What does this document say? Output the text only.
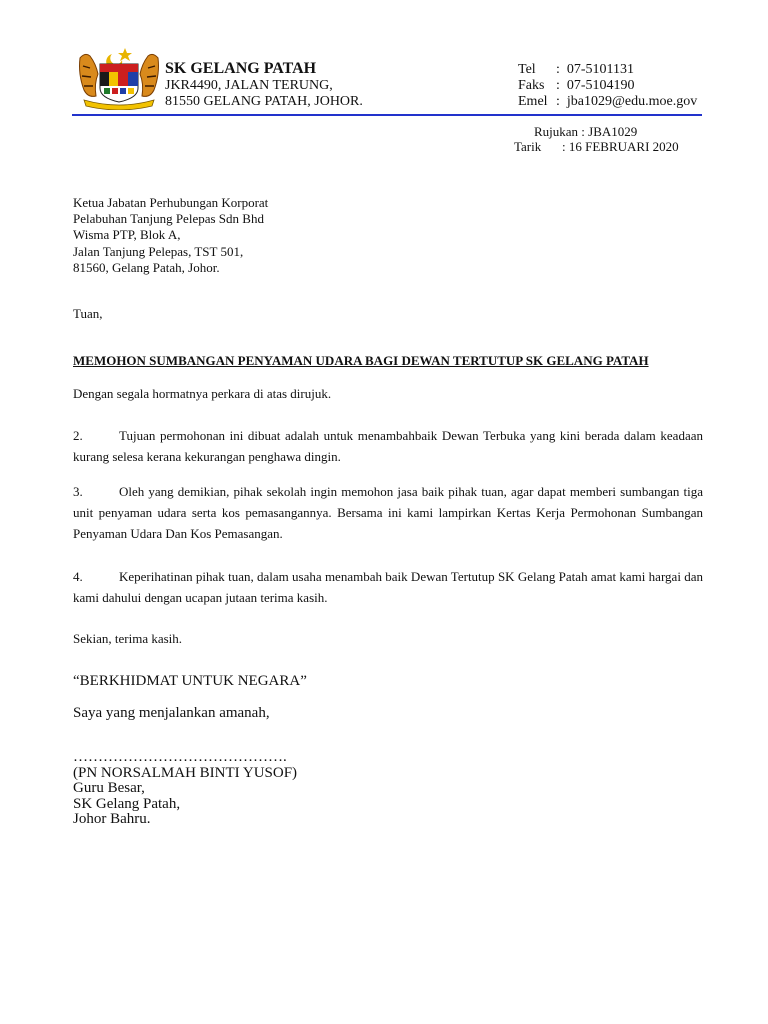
SK GELANG PATAH
JKR4490, JALAN TERUNG,
81550 GELANG PATAH, JOHOR.
Tel : 07-5101131
Faks : 07-5104190
Emel : jba1029@edu.moe.gov
Rujukan : JBA1029
Tarik : 16 FEBRUARI 2020
Ketua Jabatan Perhubungan Korporat
Pelabuhan Tanjung Pelepas Sdn Bhd
Wisma PTP, Blok A,
Jalan Tanjung Pelepas, TST 501,
81560, Gelang Patah, Johor.
Tuan,
MEMOHON SUMBANGAN PENYAMAN UDARA BAGI DEWAN TERTUTUP SK GELANG PATAH
Dengan segala hormatnya perkara di atas dirujuk.
2.	Tujuan permohonan ini dibuat adalah untuk menambahbaik Dewan Terbuka yang kini berada dalam keadaan kurang selesa kerana kekurangan penghawa dingin.
3.	Oleh yang demikian, pihak sekolah ingin memohon jasa baik pihak tuan, agar dapat memberi sumbangan tiga unit penyaman udara serta kos pemasangannya. Bersama ini kami lampirkan Kertas Kerja Permohonan Sumbangan Penyaman Udara Dan Kos Pemasangan.
4.	Keperihatinan pihak tuan, dalam usaha menambah baik Dewan Tertutup SK Gelang Patah amat kami hargai dan kami dahului dengan ucapan jutaan terima kasih.
Sekian, terima kasih.
“BERKHIDMAT UNTUK NEGARA”
Saya yang menjalankan amanah,
…………………………………….
(PN NORSALMAH BINTI YUSOF)
Guru Besar,
SK Gelang Patah,
Johor Bahru.
